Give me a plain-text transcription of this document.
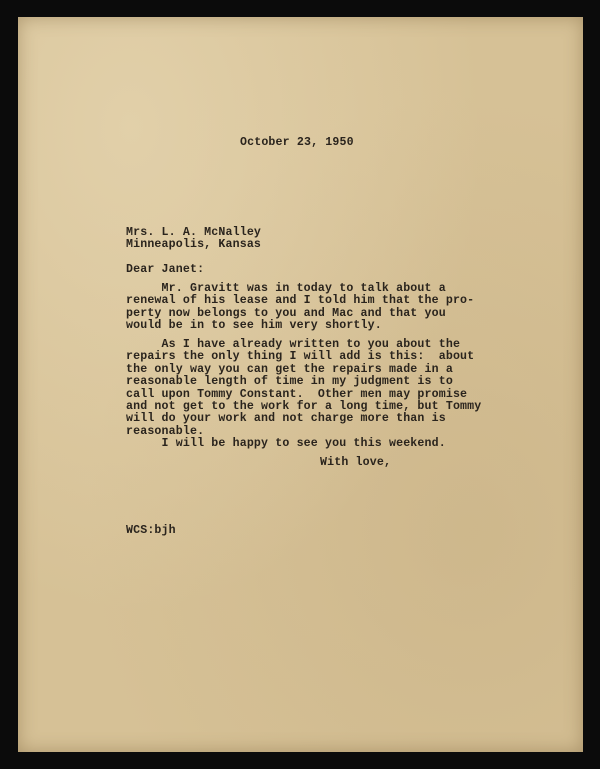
October 23, 1950
Mrs. L. A. McNalley
Minneapolis, Kansas
Dear Janet:
Mr. Gravitt was in today to talk about a
renewal of his lease and I told him that the pro-
perty now belongs to you and Mac and that you
would be in to see him very shortly.
As I have already written to you about the
repairs the only thing I will add is this:  about
the only way you can get the repairs made in a
reasonable length of time in my judgment is to
call upon Tommy Constant.  Other men may promise
and not get to the work for a long time, but Tommy
will do your work and not charge more than is
reasonable.
I will be happy to see you this weekend.
With love,
WCS:bjh
